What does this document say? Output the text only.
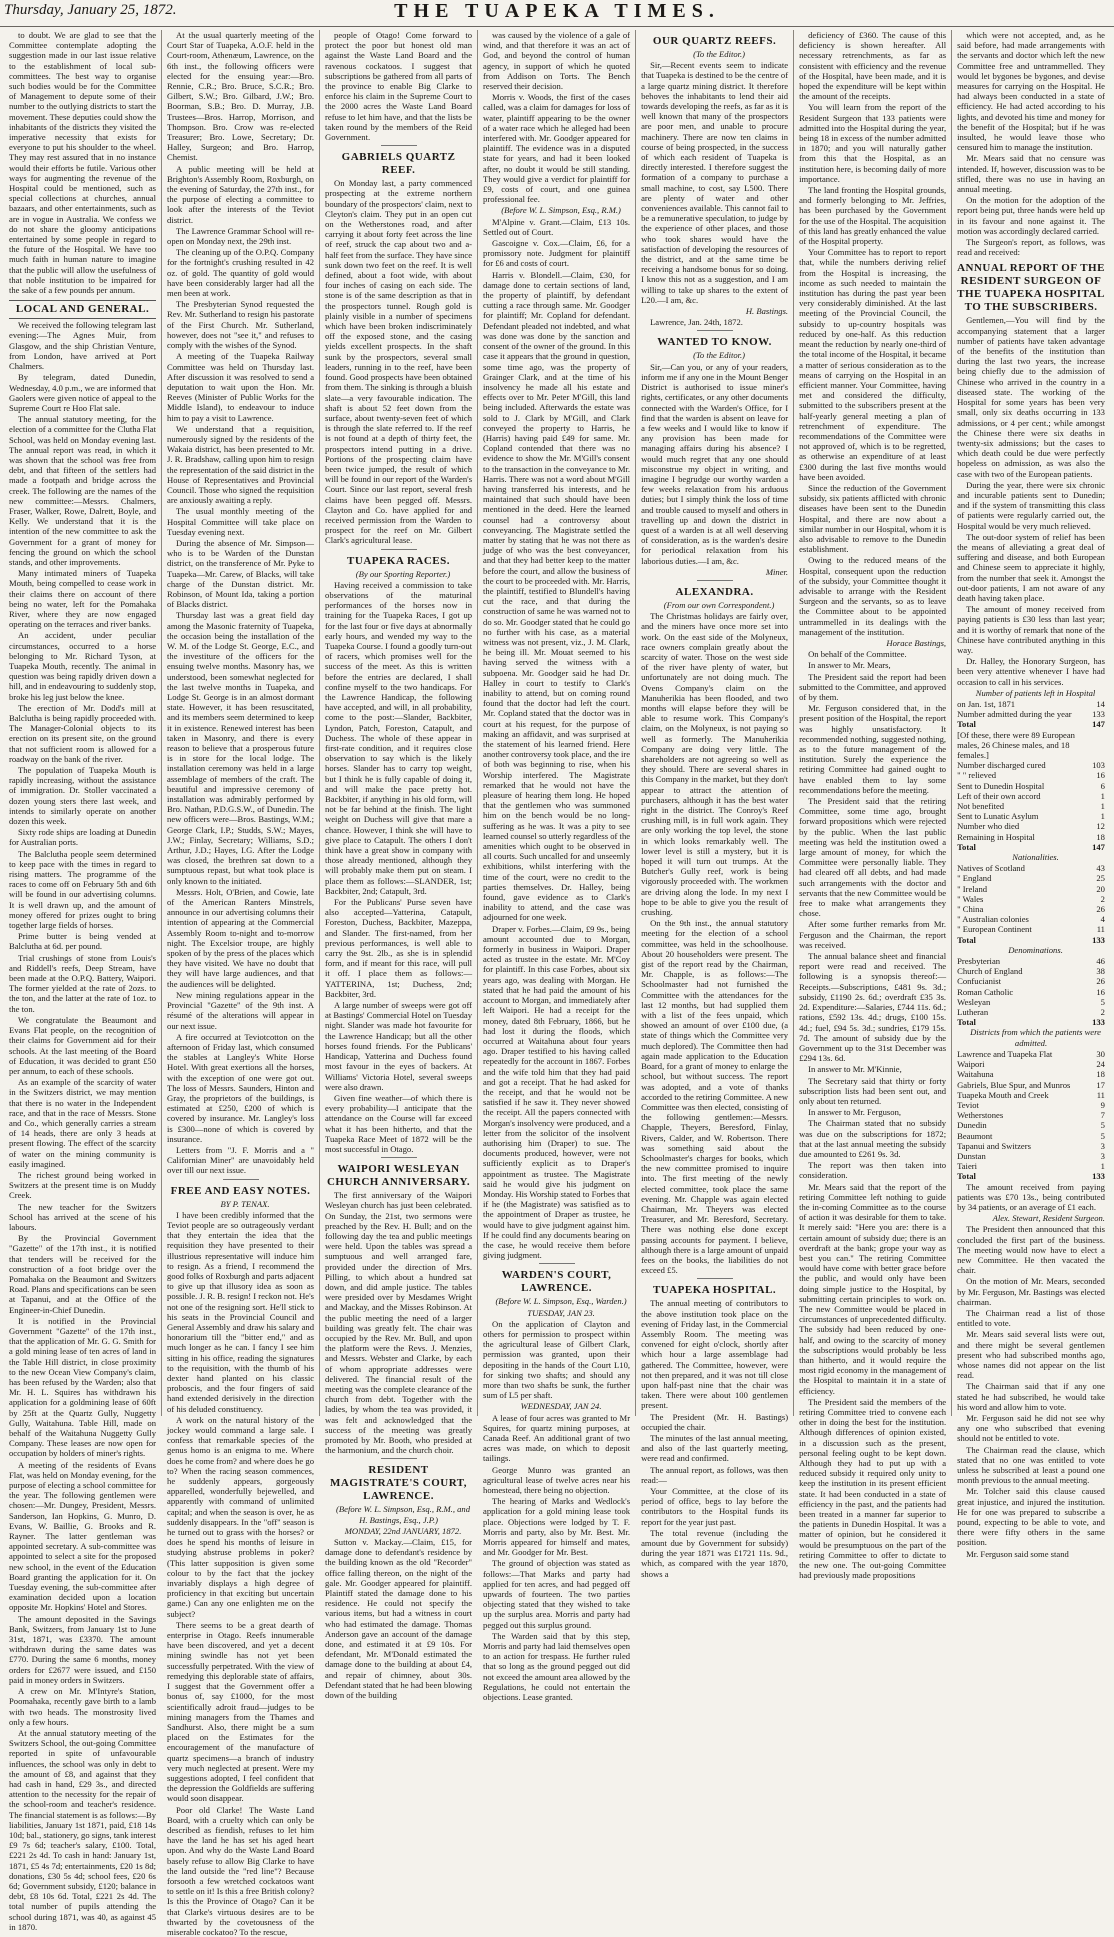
Thursday, January 25, 1872.	THE TUAPEKA TIMES.

to doubt. We are glad to see that the Committee contemplate adopting the suggestion made in our last issue relative to the establishment of local sub-committees. The best way to organise such bodies would be for the Committee of Management to depute some of their number to the outlying districts to start the movement. These deputies could show the inhabitants of the districts they visited the imperative necessity that exists for everyone to put his shoulder to the wheel. They may rest assured that in no instance would their efforts be futile. Various other ways for augmenting the revenue of the Hospital could be mentioned, such as special collections at churches, annual bazaars, and other entertainments, such as are in vogue in Australia. We confess we do not share the gloomy anticipations entertained by some people in regard to the future of the Hospital. We have too much faith in human nature to imagine that the public will allow the usefulness of that noble institution to be impaired for the sake of a few pounds per annum.

LOCAL AND GENERAL.

We received the following telegram last evening:—The Agnes Muir, from Glasgow, and the ship Christian Venture, from London, have arrived at Port Chalmers.

By telegram, dated Dunedin, Wednesday, 4.0 p.m., we are informed that Gaolers were given notice of appeal to the Supreme Court re Hoo Flat sale.

The annual statutory meeting, for the election of a committee for the Clutha Flat School, was held on Monday evening last. The annual report was read, in which it was shown that the school was free from debt, and that fifteen of the settlers had made a footpath and bridge across the creek. The following are the names of the new committee:—Messrs. Chalmers, Fraser, Walker, Rowe, Dalrett, Boyle, and Kelly. We understand that it is the intention of the new committee to ask the Government for a grant of money for fencing the ground on which the school stands, and other improvements.

Many intimated miners of Tuapeka Mouth, being compelled to cease work in their claims there on account of there being no water, left for the Pomahaka River, where they are now engaged operating on the terraces and river banks.

An accident, under peculiar circumstances, occurred to a horse belonging to Mr. Richard Tyson, at Tuapeka Mouth, recently. The animal in question was being rapidly driven down a hill, and in endeavouring to suddenly stop, broke his leg just below the knee.

The erection of Mr. Dodd's mill at Balclutha is being rapidly proceeded with. The Manager-Colonial objects to its erection on its present site, on the ground that not sufficient room is allowed for a roadway on the bank of the river.

The population of Tuapeka Mouth is rapidly increasing, without the assistance of immigration. Dr. Stoller vaccinated a dozen young sters there last week, and intends to similarly operate on another dozen this week.

Sixty rode ships are loading at Dunedin for Australian ports.

The Balclutha people seem determined to keep pace with the times in regard to rising matters. The programme of the races to come off on February 5th and 6th will be found in our advertising columns. It is well drawn up, and the amount of money offered for prizes ought to bring together large fields of horses.

Prime butter is being vended at Balclutha at 6d. per pound.

Trial crushings of stone from Louis's and Riddell's reefs, Deep Stream, have been made at the O.P.Q. Battery, Waipori. The former yielded at the rate of 2ozs. to the ton, and the latter at the rate of 1oz. to the ton.

We congratulate the Beaumont and Evans Flat people, on the recognition of their claims for Government aid for their schools. At the last meeting of the Board of Education, it was decided to grant £50 per annum, to each of these schools.

As an example of the scarcity of water in the Switzers district, we may mention that there is no water in the Independent race, and that in the race of Messrs. Stone and Co., which generally carries a stream of 14 heads, there are only 3 heads at present flowing. The effect of the scarcity of water on the mining community is easily imagined.

The richest ground being worked in Switzers at the present time is on Muddy Creek.

The new teacher for the Switzers School has arrived at the scene of his labours.

By the Provincial Government "Gazette" of the 17th inst., it is notified that tenders will be received for the construction of a foot bridge over the Pomahaka on the Beaumont and Switzers Road. Plans and specifications can be seen at Tapanui, and at the Office of the Engineer-in-Chief Dunedin.

It is notified in the Provincial Government "Gazette" of the 17th inst., that the application of Mr. G. G. Smith for a gold mining lease of ten acres of land in the Table Hill district, in close proximity to the new Ocean View Company's claim, has been refused by the Warden; also that Mr. H. L. Squires has withdrawn his application for a goldmining lease of 60ft by 25ft at the Quartz Gully, Nuggetty Gully, Waitahuna. Table Hill, made on behalf of the Waitahuna Nuggetty Gully Company. These leases are now open for occupation by holders of miner's rights.

A meeting of the residents of Evans Flat, was held on Monday evening, for the purpose of electing a school committee for the year. The following gentlemen were chosen:—Mr. Dungey, President, Messrs. Sanderson, Ian Hopkins, G. Munro, D. Evans, W. Baillie, G. Brooks and R. Rayner. The latter gentleman was appointed secretary. A sub-committee was appointed to select a site for the proposed new school, in the event of the Education Board granting the application for it. On Tuesday evening, the sub-committee after examination decided upon a location opposite Mr. Hopkins' Hotel and Stores.

The amount deposited in the Savings Bank, Switzers, from January 1st to June 31st, 1871, was £3370. The amount withdrawn during the same dates was £770. During the same 6 months, money orders for £2677 were issued, and £150 paid in money orders in Switzers.

A crew on Mr. M'Intyre's Station, Poomahaka, recently gave birth to a lamb with two heads. The monstrosity lived only a few hours.

At the annual statutory meeting of the Switzers School, the out-going Committee reported in spite of unfavourable influences, the school was only in debt to the amount of £8, and against that they had cash in hand, £29 3s., and directed attention to the necessity for the repair of the school-room and teacher's residence. The financial statement is as follows:—By liabilities, January 1st 1871, paid, £18 14s 10d; bal., stationery, go signs, tank interest £9 7s 6d; teacher's salary, £100. Total, £221 2s 4d. To cash in hand: January 1st, 1871, £5 4s 7d; entertainments, £20 1s 8d; donations, £30 5s 4d; school fees, £20 6s 6d; Government subsidy, £120; balance in debt, £8 10s 6d. Total, £221 2s 4d. The total number of pupils attending the school during 1871, was 40, as against 45 in 1870.

At the usual quarterly meeting of the Court Star of Tuapeka, A.O.F. held in the Court-room, Athenæum, Lawrence, on the 6th inst., the following officers were elected for the ensuing year:—Bro. Rennie, C.R.; Bro. Bruce, S.C.R.; Bro. Gilbert, S.W.; Bro. Gilbard, J.W.; Bro. Boorman, S.B.; Bro. D. Murray, J.B. Trustees—Bros. Harrop, Morrison, and Thompson. Bro. Crow was re-elected Treasurer; Bro. Lowe, Secretary; Dr. Halley, Surgeon; and Bro. Harrop, Chemist.

A public meeting will be held at Brighton's Assembly Room, Roxburgh, on the evening of Saturday, the 27th inst., for the purpose of electing a committee to look after the interests of the Teviot district.

The Lawrence Grammar School will re-open on Monday next, the 29th inst.

The cleaning up of the O.P.Q. Company for the fortnight's crushing resulted in 42 oz. of gold. The quantity of gold would have been considerably larger had all the men been at work.

The Presbyterian Synod requested the Rev. Mr. Sutherland to resign his pastorate of the First Church. Mr. Sutherland, however, does not "see it," and refuses to comply with the wishes of the Synod.

A meeting of the Tuapeka Railway Committee was held on Thursday last. After discussion it was resolved to send a deputation to wait upon the Hon. Mr. Reeves (Minister of Public Works for the Middle Island), to endeavour to induce him to pay a visit to Lawrence.

We understand that a requisition, numerously signed by the residents of the Wakaia district, has been presented to Mr. J. R. Bradshaw, calling upon him to resign the representation of the said district in the House of Representatives and Provincial Council. Those who signed the requisition are anxiously awaiting a reply.

The usual monthly meeting of the Hospital Committee will take place on Tuesday evening next.

During the absence of Mr. Simpson—who is to be Warden of the Dunstan district, on the transference of Mr. Pyke to Tuapeka—Mr. Carew, of Blacks, will take charge of the Dunstan district. Mr. Robinson, of Mount Ida, taking a portion of Blacks district.

Thursday last was a great field day among the Masonic fraternity of Tuapeka, the occasion being the installation of the W. M. of the Lodge St. George, E.C., and the investiture of the officers for the ensuing twelve months. Masonry has, we understood, been somewhat neglected for the last twelve months in Tuapeka, and Lodge St. George is in an almost dormant state. However, it has been resuscitated, and its members seem determined to keep it in existence. Renewed interest has been taken in Masonry, and there is every reason to believe that a prosperous future is in store for the local lodge. The installation ceremony was held in a large assemblage of members of the craft. The beautiful and impressive ceremony of installation was admirably performed by Bro. Nathan, P.D.G.S.W., of Dunedin. The new officers were—Bros. Bastings, W.M.; George Clark, I.P.; Studds, S.W.; Mayes, J.W.; Finlay, Secretary; Williams, S.D.; Arthur, J.D.; Hayes, I.G. After the Lodge was closed, the brethren sat down to a sumptuous repast, but what took place is only known to the initiated.

Messrs. Holt, O'Brien, and Cowie, late of the American Ranters Minstrels, announce in our advertising columns their intention of appearing at the Commercial Assembly Room to-night and to-morrow night. The Excelsior troupe, are highly spoken of by the press of the places which they have visited. We have no doubt that they will have large audiences, and that the audiences will be delighted.

New mining regulations appear in the Provincial "Gazette" of the 9th inst. A résumé of the alterations will appear in our next issue.

A fire occurred at Teviotcotton on the afternoon of Friday last, which consumed the stables at Langley's White Horse Hotel. With great exertions all the horses, with the exception of one were got out. The loss of Messrs. Saunders, Hinton and Gray, the proprietors of the buildings, is estimated at £250, £200 of which is covered by insurance. Mr. Langley's loss is £300—none of which is covered by insurance.

Letters from "J. F. Morris and a " Californian Miner" are unavoidably held over till our next issue.

FREE AND EASY NOTES.

BY P. TENAX.

I have been credibly informed that the Teviot people are so outrageously verdant that they entertain the idea that the requisition they have presented to their illustrious representative will induce him to resign. As a friend, I recommend the good folks of Roxburgh and parts adjacent to give up that illusory idea as soon as possible. J. R. B. resign! I reckon not. He's not one of the resigning sort. He'll stick to his seats in the Provincial Council and General Assembly and draw his salary and honorarium till the "bitter end," and as much longer as he can. I fancy I see him sitting in his office, reading the signatures to the requisition, with the thumb of his dexter hand planted on his classic proboscis, and the four fingers of said hand extended derisively in the direction of his deluded constituency.

A work on the natural history of the jockey would command a large sale. I confess that remarkable species of the genus homo is an enigma to me. Where does he come from? and where does he go to? When the racing season commences, he suddenly appears, gorgeously apparelled, wonderfully bejewelled, and apparently with command of unlimited capital; and when the season is over, he as suddenly disappears. In the "off" season is he turned out to grass with the horses? or does he spend his months of leisure in studying abstruse problems in poker? (This latter supposition is given some colour to by the fact that the jockey invariably displays a high degree of proficiency in that exciting but uncertain game.) Can any one enlighten me on the subject?

There seems to be a great dearth of enterprise in Otago. Reefs innumerable have been discovered, and yet a decent mining swindle has not yet been successfully perpetrated. With the view of remedying this deplorable state of affairs, I suggest that the Government offer a bonus of, say £1000, for the most scientifically adroit fraud—judges to be mining managers from the Thames and Sandhurst. Also, there might be a sum placed on the Estimates for the encouragement of the manufacture of quartz specimens—a branch of industry very much neglected at present. Were my suggestions adopted, I feel confident that the depression the Goldfields are suffering would soon disappear.

Poor old Clarke! The Waste Land Board, with a cruelty which can only be described as fiendish, refuses to let him have the land he has set his aged heart upon. And why do the Waste Land Board basely refuse to allow Big Clarke to have the land outside the "red line"? Because forsooth a few wretched cockatoos want to settle on it! Is this a free British colony? Is this the Province of Otago? Can it be that Clarke's virtuous desires are to be thwarted by the covetousness of the miserable cockatoo? To the rescue,

people of Otago! Come forward to protect the poor but honest old man against the Waste Land Board and the ravenous cockatoos. I suggest that subscriptions be gathered from all parts of the province to enable Big Clarke to enforce his claim in the Supreme Court to the 2000 acres the Waste Land Board refuse to let him have, and that the lists be taken round by the members of the Reid Government.

GABRIELS QUARTZ REEF.

On Monday last, a party commenced prospecting at the extreme northern boundary of the prospectors' claim, next to Cleyton's claim. They put in an open cut on the Wetherstones road, and after carrying it about forty feet across the line of reef, struck the cap about two and a-half feet from the surface. They have since sunk down two feet on the reef. It is well defined, about a foot wide, with about four inches of casing on each side. The stone is of the same description as that in the prospectors tunnel. Rough gold is plainly visible in a number of specimens which have been broken indiscriminately off the exposed stone, and the casing yields excellent prospects. In the shaft sunk by the prospectors, several small leaders, running in to the reef, have been found. Good prospects have been obtained from them. The sinking is through a bluish slate—a very favourable indication. The shaft is about 52 feet down from the surface, about twenty-seven feet of which is through the slate referred to. If the reef is not found at a depth of thirty feet, the prospectors intend putting in a drive. Portions of the prospecting claim have been twice jumped, the result of which will be found in our report of the Warden's Court. Since our last report, several fresh claims have been pegged off. Messrs. Clayton and Co. have applied for and received permission from the Warden to prospect for the reef on Mr. Gilbert Clark's agricultural lease.

TUAPEKA RACES.

(By our Sporting Reporter.)

Having received a commission to take observations of the maturinal performances of the horses now in training for the Tuapeka Races, I got up for the last four or five days at abnormally early hours, and wended my way to the Tuapeka Course. I found a goodly turn-out of racers, which promises well for the success of the meet. As this is written before the entries are declared, I shall confine myself to the two handicaps. For the Lawrence Handicap, the following have accepted, and will, in all probability, come to the post:—Slander, Backbiter, Lyndon, Patch, Foreston, Catapult, and Duchess. The whole of these appear in first-rate condition, and it requires close observation to say which is the likely horses. Slander has to carry top weight, but I think he is fully capable of doing it, and will make the pace pretty hot. Backbiter, if anything in his old form, will not be far behind at the finish. The light weight on Duchess will give that mare a chance. However, I think she will have to give place to Catapult. The others I don't think have a great show in company with those already mentioned, although they will probably make them put on steam. I place them as follows:—SLANDER, 1st; Backbiter, 2nd; Catapult, 3rd.

For the Publicans' Purse seven have also accepted—Yatterina, Catapult, Foreston, Duchess, Backbiter, Mazeppa, and Slander. The first-named, from her previous performances, is well able to carry the 9st. 2lb., as she is in splendid form, and if meant for this race, will pull it off. I place them as follows:—YATTERINA, 1st; Duchess, 2nd; Backbiter, 3rd.

A large number of sweeps were got off at Bastings' Commercial Hotel on Tuesday night. Slander was made hot favourite for the Lawrence Handicap; but all the other horses found friends. For the Publicans' Handicap, Yatterina and Duchess found most favour in the eyes of backers. At Williams' Victoria Hotel, several sweeps were also drawn.

Given fine weather—of which there is every probability—I anticipate that the attendance on the Course will far exceed what it has been hitherto, and that the Tuapeka Race Meet of 1872 will be the most successful in Otago.

WAIPORI WESLEYAN CHURCH ANNIVERSARY.

The first anniversary of the Waipori Wesleyan church has just been celebrated. On Sunday, the 21st, two sermons were preached by the Rev. H. Bull; and on the following day the tea and public meetings were held. Upon the tables was spread a sumptuous and well arranged fare, provided under the direction of Mrs. Pilling, to which about a hundred sat down, and did ample justice. The tables were presided over by Mesdames Wright and Mackay, and the Misses Robinson. At the public meeting the need of a larger building was greatly felt. The chair was occupied by the Rev. Mr. Bull, and upon the platform were the Revs. J. Menzies, and Messrs. Webster and Clarke, by each of whom appropriate addresses were delivered. The financial result of the meeting was the complete clearance of the church from debt. Together with the ladies, by whom the tea was provided, it was felt and acknowledged that the success of the meeting was greatly promoted by Mr. Booth, who presided at the harmonium, and the church choir.

RESIDENT MAGISTRATE'S COURT, LAWRENCE.

(Before W. L. Simpson, Esq., R.M., and H. Bastings, Esq., J.P.)

MONDAY, 22nd JANUARY, 1872.

Sutton v. Mackay.—Claim, £15, for damage done to defendant's residence by the building known as the old "Recorder" office falling thereon, on the night of the gale. Mr. Goodger appeared for plaintiff. Plaintiff stated the damage done to his residence. He could not specify the various items, but had a witness in court who had estimated the damage. Thomas Anderson gave an account of the damage done, and estimated it at £9 10s. For defendant, Mr. M'Donald estimated the damage done to the building at about £4, and repair of chimney, about 30s. Defendant stated that he had been blowing down of the building

was caused by the violence of a gale of wind, and that therefore it was an act of God, and beyond the control of human agency, in support of which he quoted from Addison on Torts. The Bench reserved their decision.

Morris v. Woods, the first of the cases called, was a claim for damages for loss of water, plaintiff appearing to be the owner of a water race which he alleged had been interfered with. Mr. Goodger appeared for plaintiff. The evidence was in a disputed state for years, and had it been looked after, no doubt it would be still standing. They would give a verdict for plaintiff for £9, costs of court, and one guinea professional fee.

(Before W. L. Simpson, Esq., R.M.)

M'Alpine v. Grant.—Claim, £13 10s. Settled out of Court.

Gascoigne v. Cox.—Claim, £6, for a promissory note. Judgment for plaintiff for £6 and costs of court.

Harris v. Blondell.—Claim, £30, for damage done to certain sections of land, the property of plaintiff, by defendant cutting a race through same. Mr. Goodger for plaintiff; Mr. Copland for defendant. Defendant pleaded not indebted, and what was done was done by the sanction and consent of the owner of the ground. In this case it appears that the ground in question, some time ago, was the property of Grainger Clark, and at the time of his insolvency he made all his estate and effects over to Mr. Peter M'Gill, this land being included. Afterwards the estate was sold to J. Clark by M'Gill, and Clark conveyed the property to Harris, he (Harris) having paid £49 for same. Mr. Copland contended that there was no evidence to show the Mr. M'Gill's consent to the transaction in the conveyance to Mr. Harris. There was not a word about M'Gill having transferred his interests, and he maintained that such should have been mentioned in the deed. Here the learned counsel had a controversy about conveyancing. The Magistrate settled the matter by stating that he was not there as judge of who was the best conveyancer, and that they had better keep to the matter before the court, and allow the business of the court to be proceeded with. Mr. Harris, the plaintiff, testified to Blundell's having cut the race, and that during the construction of same he was warned not to do so. Mr. Goodger stated that he could go no further with his case, as a material witness was not present, viz., J. M. Clark, he being ill. Mr. Mouat seemed to his having served the witness with a subpoena. Mr. Goodger said he had Dr. Halley in court to testify to Clark's inability to attend, but on coming round found that the doctor had left the court. Mr. Copland stated that the doctor was in court at his request, for the purpose of making an affidavit, and was surprised at the statement of his learned friend. Here another controversy took place, and the ire of both was beginning to rise, when his Worship interfered. The Magistrate remarked that he would not have the pleasure of hearing them long. He hoped that the gentlemen who was summoned him on the bench would be no long-suffering as he was. It was a pity to see learned counsel so utterly regardless of the amenities which ought to be observed in all courts. Such uncalled for and unseemly exhibitions, whilst interfering with the time of the court, were no credit to the parties themselves. Dr. Halley, being found, gave evidence as to Clark's inability to attend, and the case was adjourned for one week.

Draper v. Forbes.—Claim, £9 9s., being amount accounted due to Morgan, formerly in business in Waipori. Draper acted as trustee in the estate. Mr. M'Coy for plaintiff. In this case Forbes, about six years ago, was dealing with Morgan. He stated that he had paid the amount of his account to Morgan, and immediately after left Waipori. He had a receipt for the money, dated 8th February, 1866, but he had lost it during the floods, which occurred at Waitahuna about four years ago. Draper testified to his having called repeatedly for the account in 1867. Forbes and the wife told him that they had paid and got a receipt. That he had asked for the receipt, and that he would not be satisfied if he saw it. They never showed the receipt. All the papers connected with Morgan's insolvency were produced, and a letter from the solicitor of the insolvent authorising him (Draper) to sue. The documents produced, however, were not sufficiently explicit as to Draper's appointment as trustee. The Magistrate said he would give his judgment on Monday. His Worship stated to Forbes that if he (the Magistrate) was satisfied as to the appointment of Draper as trustee, he would have to give judgment against him. If he could find any documents bearing on the case, he would receive them before giving judgment.

WARDEN'S COURT, LAWRENCE.

(Before W. L. Simpson, Esq., Warden.)

TUESDAY, JAN 23.

On the application of Clayton and others for permission to prospect within the agricultural lease of Gilbert Clark, permission was granted, upon their depositing in the hands of the Court L10, for sinking two shafts; and should any more than two shafts be sunk, the further sum of L5 per shaft.

WEDNESDAY, JAN 24.

A lease of four acres was granted to Mr Squires, for quartz mining purposes, at Canada Reef. An additional grant of two acres was made, on which to deposit tailings.

George Munro was granted an agricultural lease of twelve acres near his homestead, there being no objection.

The hearing of Marks and Wedlock's application for a gold mining lease took place. Objections were lodged by T. F. Morris and party, also by Mr. Best. Mr. Morris appeared for himself and mates, and Mr. Goodger for Mr. Best.

The ground of objection was stated as follows:—That Marks and party had applied for ten acres, and had pegged off upwards of fourteen. The two parties objecting stated that they wished to take up the surplus area. Morris and party had pegged out this surplus ground.

The Warden said that by this step, Morris and party had laid themselves open to an action for trespass. He further ruled that so long as the ground pegged out did not exceed the amount area allowed by the Regulations, he could not entertain the objections. Lease granted.

OUR QUARTZ REEFS.

(To the Editor.)

Sir,—Recent events seem to indicate that Tuapeka is destined to be the centre of a large quartz mining district. It therefore behoves the inhabitants to lend their aid towards developing the reefs, as far as it is well known that many of the prospectors are poor men, and unable to procure machinery. There are now ten claims in course of being prospected, in the success of which each resident of Tuapeka is directly interested. I therefore suggest the formation of a company to purchase a small machine, to cost, say L500. There are plenty of water and other conveniences available. This cannot fail to be a remunerative speculation, to judge by the experience of other places, and those who took shares would have the satisfaction of developing the resources of the district, and at the same time be receiving a handsome bonus for so doing. I know this not as a suggestion, and I am willing to take up shares to the extent of L20.—I am, &c.

H. Bastings.

Lawrence, Jan. 24th, 1872.

WANTED TO KNOW.

(To the Editor.)

Sir,—Can you, or any of your readers, inform me if any one in the Mount Benger District is authorised to issue miner's rights, certificates, or any other documents connected with the Warden's Office, for I find that the warden is absent on leave for a few weeks and I would like to know if any provision has been made for managing affairs during his absence? I would much regret that any one should misconstrue my object in writing, and imagine I begrudge our worthy warden a few weeks relaxation from his arduous duties; but I simply think the loss of time and trouble caused to myself and others in travelling up and down the district in quest of a warden is at all well deserving of consideration, as is the warden's desire for periodical relaxation from his laborious duties.—I am, &c.

Miner.

ALEXANDRA.

(From our own Correspondent.)

The Christmas holidays are fairly over, and the miners have once more set into work. On the east side of the Molyneux, race owners complain greatly about the scarcity of water. Those on the west side of the river have plenty of water, but unfortunately are not doing much. The Ovens Company's claim on the Manuherikia has been flooded, and two months will elapse before they will be able to resume work. This Company's claim, on the Molyneux, is not paying so well as formerly. The Manuherikia Company are doing very little. The shareholders are not agreeing so well as they should. There are several shares in this Company in the market, but they don't appear to attract the attention of purchasers, although it has the best water right in the district. The Conroy's Reef crushing mill, is in full work again. They are only working the top level, the stone in which looks remarkably well. The lower level is still a mystery, but it is hoped it will turn out trumps. At the Butcher's Gully reef, work is being vigorously proceeded with. The workmen are driving along the lode. In my next I hope to be able to give you the result of crushing.

On the 9th inst., the annual statutory meeting for the election of a school committee, was held in the schoolhouse. About 20 householders were present. The gist of the report read by the Chairman, Mr. Chapple, is as follows:—The Schoolmaster had not furnished the Committee with the attendances for the last 12 months, but had supplied them with a list of the fees unpaid, which showed an amount of over £100 due, (a state of things which the Committee very much deplored). The Committee then had again made application to the Education Board, for a grant of money to enlarge the school, but without success. The report was adopted, and a vote of thanks accorded to the retiring Committee. A new Committee was then elected, consisting of the following gentlemen:—Messrs. Chapple, Theyers, Beresford, Finlay, Rivers, Calder, and W. Robertson. There was something said about the Schoolmaster's charges for books, which the new committee promised to inquire into. The first meeting of the newly elected committee, took place the same evening. Mr. Chapple was again elected Chairman, Mr. Theyers was elected Treasurer, and Mr. Beresford, Secretary. There was nothing else done except passing accounts for payment. I believe, although there is a large amount of unpaid fees on the books, the liabilities do not exceed £5.

TUAPEKA HOSPITAL.

The annual meeting of contributors to the above institution took place on the evening of Friday last, in the Commercial Assembly Room. The meeting was convened for eight o'clock, shortly after which hour a large assemblage had gathered. The Committee, however, were not then prepared, and it was not till close upon half-past nine that the chair was taken. There were about 100 gentlemen present.

The President (Mr. H. Bastings) occupied the chair.

The minutes of the last annual meeting, and also of the last quarterly meeting, were read and confirmed.

The annual report, as follows, was then read:—

Your Committee, at the close of its period of office, begs to lay before the contributors to the Hospital funds its report for the year just past.

The total revenue (including the amount due by Government for subsidy) during the year 1871 was £1721 11s. 9d., which, as compared with the year 1870, shows a

deficiency of £360. The cause of this deficiency is shown hereafter. All necessary retrenchments, as far as consistent with efficiency and the revenue of the Hospital, have been made, and it is hoped the expenditure will be kept within the amount of the receipts.

You will learn from the report of the Resident Surgeon that 133 patients were admitted into the Hospital during the year, being 18 in excess of the number admitted in 1870; and you will naturally gather from this that the Hospital, as an institution here, is becoming daily of more importance.

The land fronting the Hospital grounds, and formerly belonging to Mr. Jeffries, has been purchased by the Government for the use of the Hospital. The acquisition of this land has greatly enhanced the value of the Hospital property.

Your Committee has to report to report that, while the numbers deriving relief from the Hospital is increasing, the income as such needed to maintain the institution has during the past year been very considerably diminished. At the last meeting of the Provincial Council, the subsidy to up-country hospitals was reduced by one-half. As this reduction meant the reduction by nearly one-third of the total income of the Hospital, it became a matter of serious consideration as to the means of carrying on the Hospital in an efficient manner. Your Committee, having met and considered the difficulty, submitted to the subscribers present at the half-yearly general meeting a plan of retrenchment of expenditure. The recommendations of the Committee were not approved of, which is to be regretted, as otherwise an expenditure of at least £300 during the last five months would have been avoided.

Since the reduction of the Government subsidy, six patients afflicted with chronic diseases have been sent to the Dunedin Hospital, and there are now about a similar number in our Hospital, whom it is also advisable to remove to the Dunedin establishment.

Owing to the reduced means of the Hospital, consequent upon the reduction of the subsidy, your Committee thought it advisable to arrange with the Resident Surgeon and the servants, so as to leave the Committee about to be appointed untrammelled in its dealings with the management of the institution.

Horace Bastings,

On behalf of the Committee.

In answer to Mr. Mears,

The President said the report had been submitted to the Committee, and approved of by them.

Mr. Ferguson considered that, in the present position of the Hospital, the report was highly unsatisfactory. It recommended nothing, suggested nothing, as to the future management of the institution. Surely the experience the retiring Committee had gained ought to have enabled them to lay some recommendations before the meeting.

The President said that the retiring Committee, some time ago, brought forward propositions which were rejected by the public. When the last public meeting was held the institution owed a large amount of money, for which the Committee were personally liable. They had cleared off all debts, and had made such arrangements with the doctor and servants that the new Committee would be free to make what arrangements they chose.

After some further remarks from Mr. Ferguson and the Chairman, the report was received.

The annual balance sheet and financial report were read and received. The following is a synopsis thereof:—Receipts.—Subscriptions, £481 9s. 3d.; subsidy, £1190 2s. 6d.; overdraft £35 3s. 2d. Expenditure:—Salaries, £744 11s. 6d.; rations, £592 13s. 4d.; drugs, £100 15s. 4d.; fuel, £94 5s. 3d.; sundries, £179 15s. 7d. The amount of subsidy due by the Government up to the 31st December was £294 13s. 6d.

In answer to Mr. M'Kinnie,

The Secretary said that thirty or forty subscription lists had been sent out, and only about ten returned.

In answer to Mr. Ferguson,

The Chairman stated that no subsidy was due on the subscriptions for 1872; that at the last annual meeting the subsidy due amounted to £261 9s. 3d.

The report was then taken into consideration.

Mr. Mears said that the report of the retiring Committee left nothing to guide the in-coming Committee as to the course of action it was desirable for them to take. It merely said: "Here you are: there is a certain amount of subsidy due; there is an overdraft at the bank; grope your way as best you can." The retiring Committee would have come with better grace before the public, and would only have been doing simple justice to the Hospital, by submitting certain principles to work on. The new Committee would be placed in circumstances of unprecedented difficulty. The subsidy had been reduced by one-half, and owing to the scarcity of money the subscriptions would probably be less than hitherto, and it would require the most rigid economy in the management of the Hospital to maintain it in a state of efficiency.

The President said the members of the retiring Committee tried to convene each other in doing the best for the institution. Although differences of opinion existed, in a discussion such as the present, personal feeling ought to be kept down. Although they had to put up with a reduced subsidy it required only unity to keep the institution in its present efficient state. It had been conducted in a state of efficiency in the past, and the patients had been treated in a manner far superior to the patients in Dunedin Hospital. It was a matter of opinion, but he considered it would be presumptuous on the part of the retiring Committee to offer to dictate to the new one. The out-going Committee had previously made propositions

which were not accepted, and, as he said before, had made arrangements with the servants and doctor which left the new Committee free and untrammelled. They would let bygones be bygones, and devise measures for carrying on the Hospital. He had always been conducted in a state of efficiency. He had acted according to his lights, and devoted his time and money for the benefit of the Hospital; but if he was insulted, he would leave those who censured him to manage the institution.

Mr. Mears said that no censure was intended. If, however, discussion was to be stifled, there was no use in having an annual meeting.

On the motion for the adoption of the report being put, three hands were held up in its favour and none against it. The motion was accordingly declared carried.

The Surgeon's report, as follows, was read and received:

ANNUAL REPORT OF THE RESIDENT SURGEON OF THE TUAPEKA HOSPITAL TO THE SUBSCRIBERS.

Gentlemen,—You will find by the accompanying statement that a larger number of patients have taken advantage of the benefits of the institution than during the last two years, the increase being chiefly due to the admission of Chinese who arrived in the country in a diseased state. The working of the Hospital for some years has been very small, only six deaths occurring in 133 admissions, or 4 per cent.; while amongst the Chinese there were six deaths in twenty-six admissions; but the cases to which death could be due were perfectly hopeless on admission, as was also the case with two of the European patients.

During the year, there were six chronic and incurable patients sent to Dunedin; and if the system of transmitting this class of patients were regularly carried out, the Hospital would be very much relieved.

The out-door system of relief has been the means of alleviating a great deal of suffering and disease, and both European and Chinese seem to appreciate it highly, from the number that seek it. Amongst the out-door patients, I am not aware of any death having taken place.

The amount of money received from paying patients is £30 less than last year; and it is worthy of remark that none of the Chinese have contributed anything in this way.

Dr. Halley, the Honorary Surgeon, has been very attentive whenever I have had occasion to call in his services.

Number of patients left in Hospital

on Jan. 1st, 1871	14
Number admitted during the year	133
Total	147
[Of these, there were 89 European males, 26 Chinese males, and 18 females.]	
Number discharged cured	103
" " relieved	16
Sent to Dunedin Hospital	6
Left of their own accord	1
Not benefited	1
Sent to Lunatic Asylum	1
Number who died	12
Remaining in Hospital	18
Total	147

Nationalities.

Natives of Scotland	43
" England	25
" Ireland	20
" Wales	2
" China	26
" Australian colonies	4
" European Continent	11
Total	133

Denominations.

Presbyterian	46
Church of England	38
Confucianist	26
Roman Catholic	16
Wesleyan	5
Lutheran	2
Total	133

Districts from which the patients were admitted.

Lawrence and Tuapeka Flat	30
Waipori	24
Waitahuna	18
Gabriels, Blue Spur, and Munros	17
Tuapeka Mouth and Creek	11
Teviot	9
Wetherstones	7
Dunedin	5
Beaumont	5
Tapanui and Switzers	3
Dunstan	3
Taieri	1
Total	133

The amount received from paying patients was £70 13s., being contributed by 34 patients, or an average of £1 each.

Alex. Stewart, Resident Surgeon.

The President then announced that this concluded the first part of the business. The meeting would now have to elect a new Committee. He then vacated the chair.

On the motion of Mr. Mears, seconded by Mr. Ferguson, Mr. Bastings was elected chairman.

The Chairman read a list of those entitled to vote.

Mr. Mears said several lists were out, and there might be several gentlemen present who had subscribed months ago, whose names did not appear on the list read.

The Chairman said that if any one stated he had subscribed, he would take his word and allow him to vote.

Mr. Ferguson said he did not see why any one who subscribed that evening should not be entitled to vote.

The Chairman read the clause, which stated that no one was entitled to vote unless he subscribed at least a pound one month previous to the annual meeting.

Mr. Tolcher said this clause caused great injustice, and injured the institution. He for one was prepared to subscribe a pound, expecting to be able to vote, and there were fifty others in the same position.

Mr. Ferguson said some stand
